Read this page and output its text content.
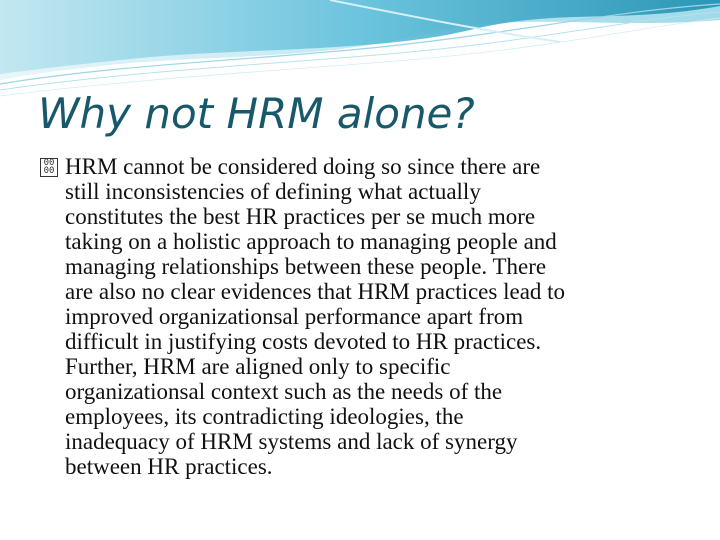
Why not HRM alone?
00
00 HRM cannot be considered doing so since there are
still inconsistencies of defining what actually
constitutes the best HR practices per se much more
taking on a holistic approach to managing people and
managing relationships between these people. There
are also no clear evidences that HRM practices lead to
improved organizationsal performance apart from
difficult in justifying costs devoted to HR practices.
Further, HRM are aligned only to specific
organizationsal context such as the needs of the
employees, its contradicting ideologies, the
inadequacy of HRM systems and lack of synergy
between HR practices.
